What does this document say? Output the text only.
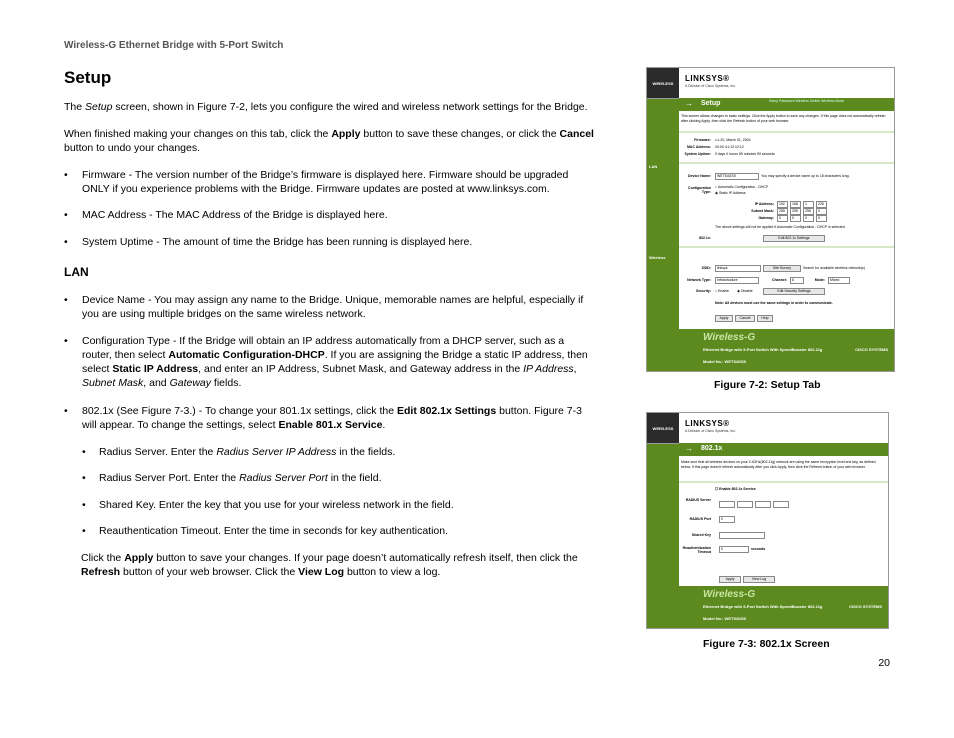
Wireless-G Ethernet Bridge with 5-Port Switch
Setup
The Setup screen, shown in Figure 7-2, lets you configure the wired and wireless network settings for the Bridge.
When finished making your changes on this tab, click the Apply button to save these changes, or click the Cancel button to undo your changes.
• Firmware - The version number of the Bridge’s firmware is displayed here. Firmware should be upgraded ONLY if you experience problems with the Bridge. Firmware updates are posted at www.linksys.com.
• MAC Address - The MAC Address of the Bridge is displayed here.
• System Uptime - The amount of time the Bridge has been running is displayed here.
LAN
• Device Name - You may assign any name to the Bridge. Unique, memorable names are helpful, especially if you are using multiple bridges on the same wireless network.
• Configuration Type - If the Bridge will obtain an IP address automatically from a DHCP server, such as a router, then select Automatic Configuration-DHCP. If you are assigning the Bridge a static IP address, then select Static IP Address, and enter an IP Address, Subnet Mask, and Gateway address in the IP Address, Subnet Mask, and Gateway fields.
• 802.1x (See Figure 7-3.) - To change your 801.1x settings, click the Edit 802.1x Settings button. Figure 7-3 will appear. To change the settings, select Enable 801.x Service.
• Radius Server. Enter the Radius Server IP Address in the fields.
• Radius Server Port. Enter the Radius Server Port in the field.
• Shared Key. Enter the key that you use for your wireless network in the field.
• Reauthentication Timeout. Enter the time in seconds for key authentication.
Click the Apply button to save your changes. If your page doesn’t automatically refresh itself, then click the Refresh button of your web browser. Click the View Log button to view a log.
WIRELESS	LINKSYS®
A Division of Cisco Systems, Inc.
→ Setup	Setup Password Wireless Switch Wireless Mode
LAN
Wireless
This screen allows changes to basic settings. Click the Apply button to save any changes. If this page does not automatically refresh after clicking Apply, then click the Refresh button of your web browser.
Firmware: v.1.20, March 01, 2004
MAC Address: 00:0C:41:12:12:12
System Uptime: 0 days 0 hours 55 minutes 59 seconds
Device Name: WET54GS5	You may specify a device name up to 18 characters long.
Configuration Type:
○ Automatic Configuration - DHCP
◉ Static IP Address
IP Address: 192 168 1	226
Subnet Mask: 255 255 255 0
Gateway: 0	0	0	0
The above settings will not be applied if Automatic Configuration - DHCP is selected.
802.1x:	Edit 802.1x Settings
SSID: linksys	Site Survey	Search for available wireless network(s)
Network Type: Infrastructure	Channel: 6	Mode: Mixed
Security: ○ Enable ◉ Disable	Edit Security Settings
Note: All devices must use the same settings in order to communicate.
Apply	Cancel	Help
Wireless-G
Ethernet Bridge with 5-Port Switch With SpeedBooster 802.11g
Model No.: WET54GS5
CISCO SYSTEMS
Figure 7-2: Setup Tab
WIRELESS	LINKSYS®
A Division of Cisco Systems, Inc.
→ 802.1x
Make sure that all wireless devices on your 2.4GHz(802.11g) network are using the same encryption level and key, as defined below. If this page doesn't refresh automatically after you click Apply, then click the Refresh button of your web browser.
☐ Enable 802.1x Service
RADIUS Server
RADIUS Port	0
Shared Key
Reauthentication Timeout
0	seconds
Apply	View Log
Wireless-G
Ethernet Bridge with 5-Port Switch With SpeedBooster 802.11g
Model No.: WET54GS5
CISCO SYSTEMS
Figure 7-3: 802.1x Screen
20
